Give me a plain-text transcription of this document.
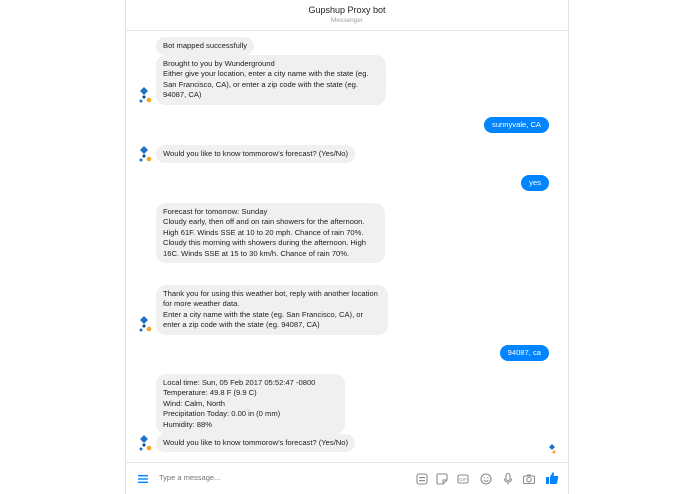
Gupshup Proxy bot
Messenger
Bot mapped successfully
Brought to you by Wunderground
Either give your location, enter a city name with the state (eg. San Francisco, CA), or enter a zip code with the state (eg. 94087, CA)
sunnyvale, CA
Would you like to know tommorow's forecast? (Yes/No)
yes
Forecast for tomorrow: Sunday
Cloudy early, then off and on rain showers for the afternoon. High 61F. Winds SSE at 10 to 20 mph. Chance of rain 70%.
Cloudy this morning with showers during the afternoon. High 16C. Winds SSE at 15 to 30 km/h. Chance of rain 70%.
Thank you for using this weather bot, reply with another location for more weather data.
Enter a city name with the state (eg. San Francisco, CA), or enter a zip code with the state (eg. 94087, CA)
94087, ca
Local time: Sun, 05 Feb 2017 05:52:47 -0800
Temperature: 49.8 F (9.9 C)
Wind: Calm, North
Precipitation Today: 0.00 in (0 mm)
Humidity: 88%
Would you like to know tommorow's forecast? (Yes/No)
Type a message...
GIF
